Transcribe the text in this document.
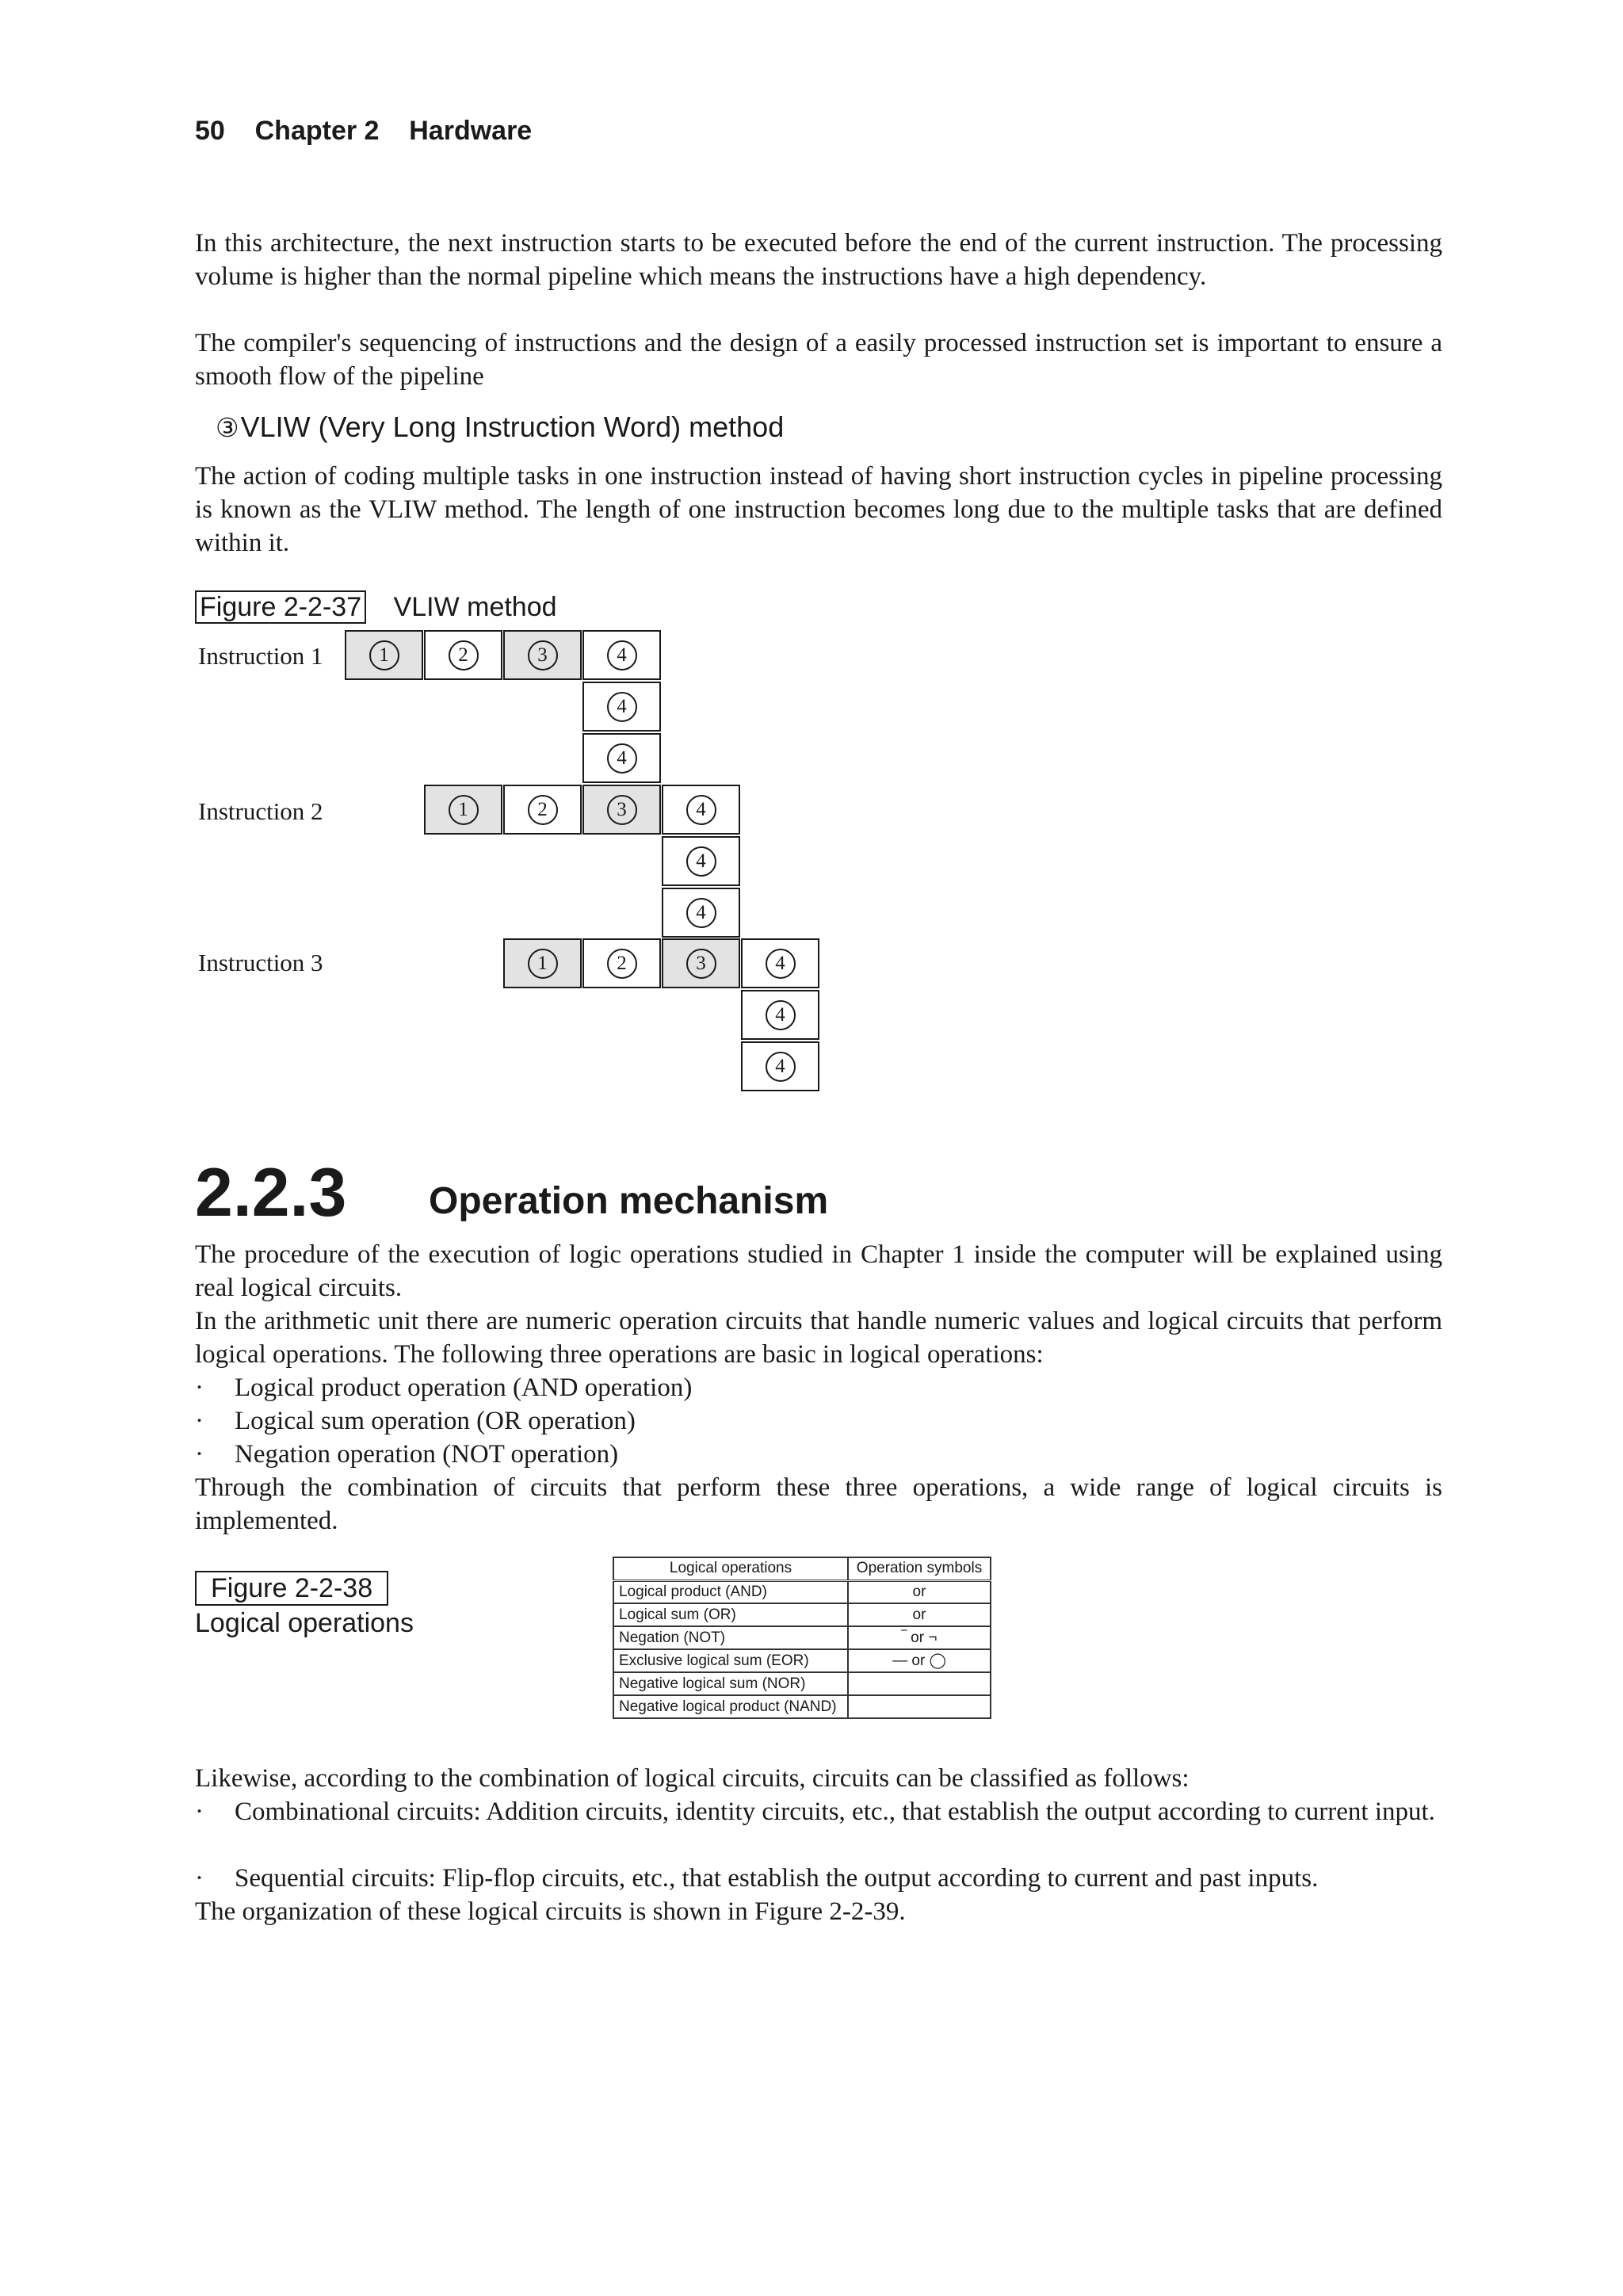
50 Chapter 2 Hardware

In this architecture, the next instruction starts to be executed before the end of the current instruction. The processing volume is higher than the normal pipeline which means the instructions have a high dependency.

The compiler's sequencing of instructions and the design of a easily processed instruction set is important to ensure a smooth flow of the pipeline

③VLIW (Very Long Instruction Word) method

The action of coding multiple tasks in one instruction instead of having short instruction cycles in pipeline processing is known as the VLIW method. The length of one instruction becomes long due to the multiple tasks that are defined within it.

Figure 2-2-37 VLIW method
Instruction 1	1	2	3	4
4
4
Instruction 2	1	2	3	4
4
4
Instruction 3	1	2	3	4
4
4
2.2.3 Operation mechanism

The procedure of the execution of logic operations studied in Chapter 1 inside the computer will be explained using real logical circuits.

In the arithmetic unit there are numeric operation circuits that handle numeric values and logical circuits that perform logical operations. The following three operations are basic in logical operations:

· Logical product operation (AND operation)
· Logical sum operation (OR operation)
· Negation operation (NOT operation)

Through the combination of circuits that perform these three operations, a wide range of logical circuits is implemented.

Figure 2-2-38
Logical operations
Logical operations	Operation symbols
Logical product (AND)	or
Logical sum (OR)	or
Negation (NOT)	‾ or ¬
Exclusive logical sum (EOR)	— or ◯
Negative logical sum (NOR)	
Negative logical product (NAND)	

Likewise, according to the combination of logical circuits, circuits can be classified as follows:

· Combinational circuits: Addition circuits, identity circuits, etc., that establish the output according to current input.
· Sequential circuits: Flip-flop circuits, etc., that establish the output according to current and past inputs.

The organization of these logical circuits is shown in Figure 2-2-39.
